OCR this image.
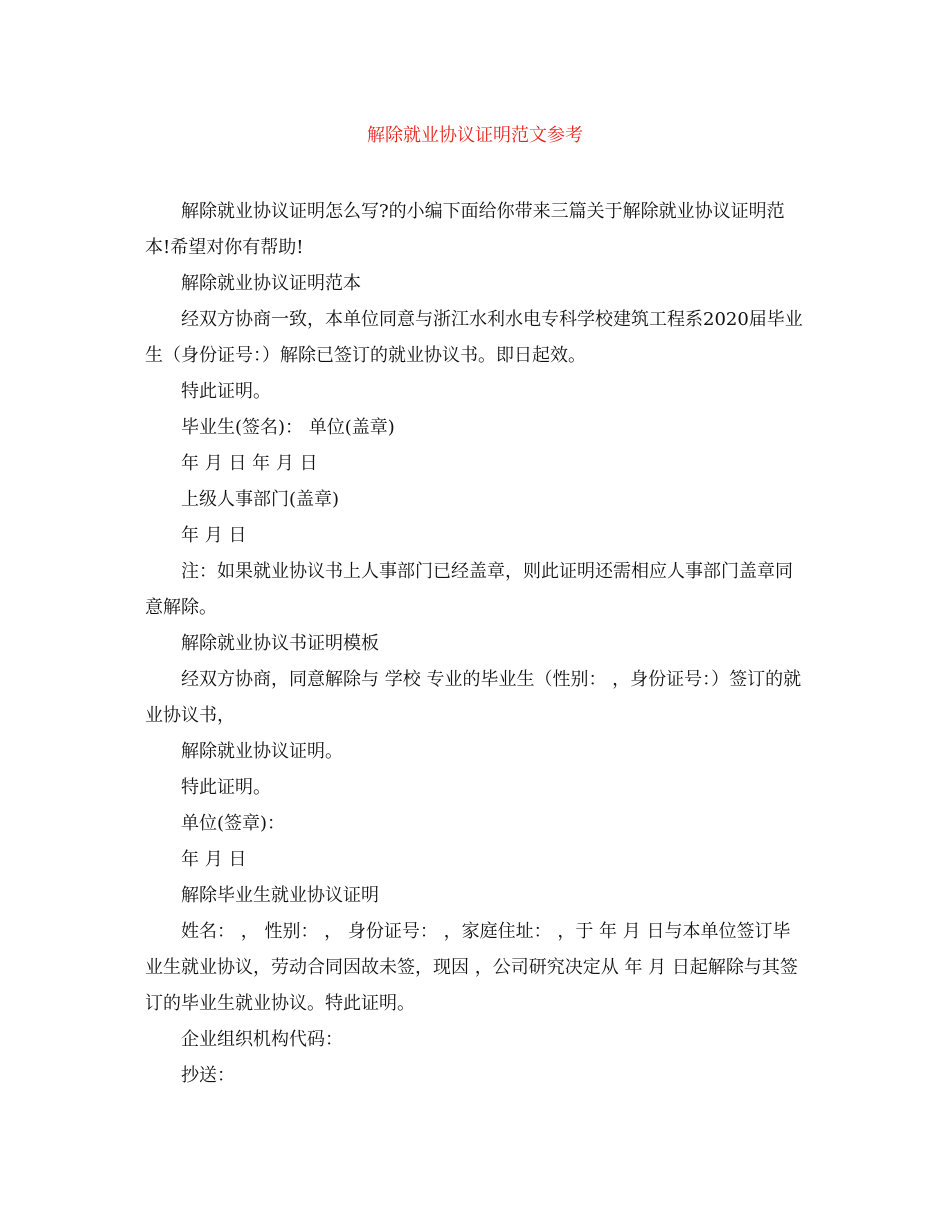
解除就业协议证明范文参考

解除就业协议证明怎么写?的小编下面给你带来三篇关于解除就业协议证明范本!希望对你有帮助!

解除就业协议证明范本

经双方协商一致，本单位同意与浙江水利水电专科学校建筑工程系2020届毕业生（身份证号：）解除已签订的就业协议书。即日起效。

特此证明。

毕业生(签名)： 单位(盖章)

年 月 日 年 月 日

上级人事部门(盖章)

年 月 日

注：如果就业协议书上人事部门已经盖章，则此证明还需相应人事部门盖章同意解除。

解除就业协议书证明模板

经双方协商，同意解除与 学校 专业的毕业生（性别： ，身份证号：）签订的就业协议书，

解除就业协议证明。

特此证明。

单位(签章)：

年 月 日

解除毕业生就业协议证明

姓名： ， 性别： ， 身份证号： ，家庭住址： ，于 年 月 日与本单位签订毕业生就业协议，劳动合同因故未签，现因 ，公司研究决定从 年 月 日起解除与其签订的毕业生就业协议。特此证明。

企业组织机构代码：

抄送：
